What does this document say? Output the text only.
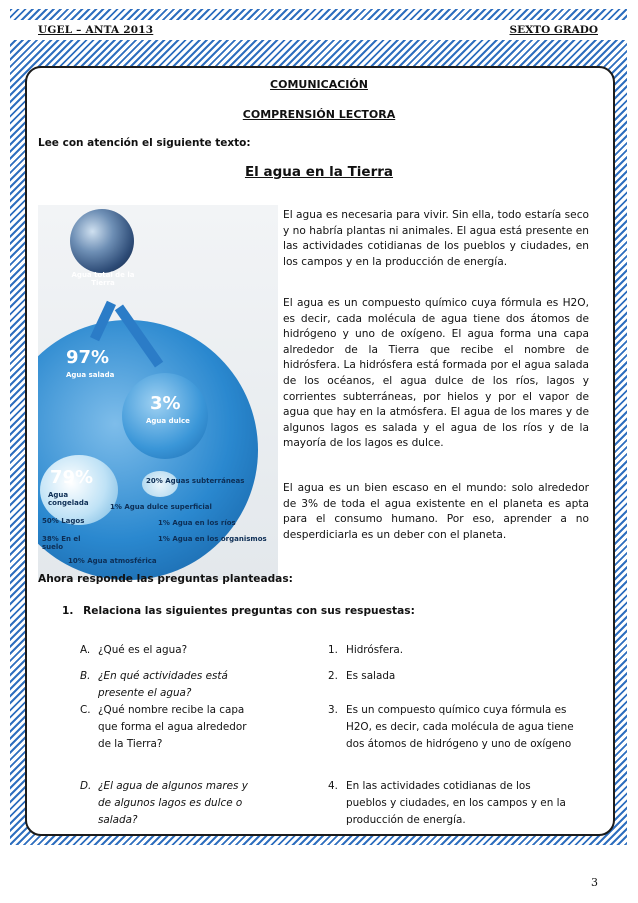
UGEL – ANTA 2013	SEXTO GRADO
COMUNICACIÓN
COMPRENSIÓN LECTORA
Lee con atención el siguiente texto:
El agua en la Tierra
Agua total de la Tierra
97%
Agua salada
3%
Agua dulce
79%
Agua congelada
20% Aguas subterráneas
1% Agua dulce superficial
50% Lagos
38% En el suelo
1% Agua en los ríos
1% Agua en los organismos
10% Agua atmosférica

El agua es necesaria para vivir. Sin ella, todo estaría seco y no habría plantas ni animales. El agua está presente en las actividades cotidianas de los pueblos y ciudades, en los campos y en la producción de energía.

El agua es un compuesto químico cuya fórmula es H2O, es decir, cada molécula de agua tiene dos átomos de hidrógeno y uno de oxígeno. El agua forma una capa alrededor de la Tierra que recibe el nombre de hidrósfera. La hidrósfera está formada por el agua salada de los océanos, el agua dulce de los ríos, lagos y corrientes subterráneas, por hielos y por el vapor de agua que hay en la atmósfera. El agua de los mares y de algunos lagos es salada y el agua de los ríos y de la mayoría de los lagos es dulce.

El agua es un bien escaso en el mundo: solo alrededor de 3% de toda el agua existente en el planeta es apta para el consumo humano. Por eso, aprender a no desperdiciarla es un deber con el planeta.

Ahora responde las preguntas planteadas:
1. Relaciona las siguientes preguntas con sus respuestas:
A. ¿Qué es el agua?
B. ¿En qué actividades está presente el agua?
C. ¿Qué nombre recibe la capa que forma el agua alrededor de la Tierra?
D. ¿El agua de algunos mares y de algunos lagos es dulce o salada?
1. Hidrósfera.
2. Es salada
3. Es un compuesto químico cuya fórmula es H2O, es decir, cada molécula de agua tiene dos átomos de hidrógeno y uno de oxígeno
4. En las actividades cotidianas de los pueblos y ciudades, en los campos y en la producción de energía.
3
